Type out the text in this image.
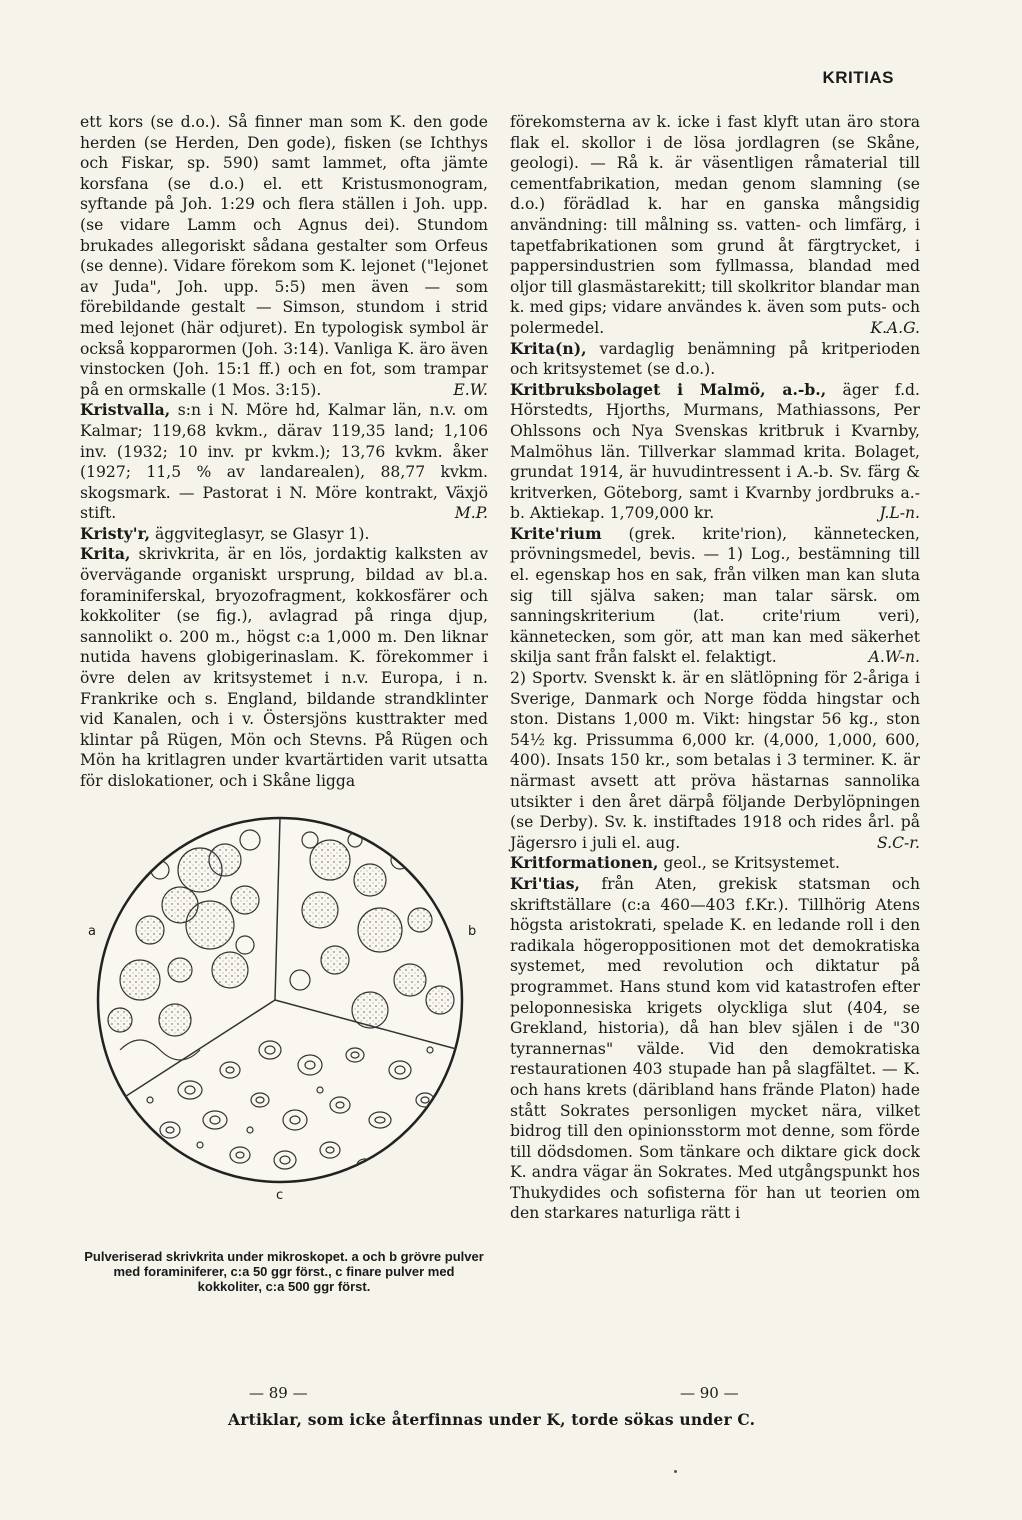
KRITIAS

ett kors (se d.o.). Så finner man som K. den gode herden (se Herden, Den gode), fisken (se Ichthys och Fiskar, sp. 590) samt lammet, ofta jämte korsfana (se d.o.) el. ett Kristusmonogram, syftande på Joh. 1:29 och flera ställen i Joh. upp. (se vidare Lamm och Agnus dei). Stundom brukades allegoriskt sådana gestalter som Orfeus (se denne). Vidare förekom som K. lejonet ("lejonet av Juda", Joh. upp. 5:5) men även — som förebildande gestalt — Simson, stundom i strid med lejonet (här odjuret). En typologisk symbol är också kopparormen (Joh. 3:14). Vanliga K. äro även vinstocken (Joh. 15:1 ff.) och en fot, som trampar på en ormskalle (1 Mos. 3:15).	E.W.

Kristvalla, s:n i N. Möre hd, Kalmar län, n.v. om Kalmar; 119,68 kvkm., därav 119,35 land; 1,106 inv. (1932; 10 inv. pr kvkm.); 13,76 kvkm. åker (1927; 11,5 % av landarealen), 88,77 kvkm. skogsmark. — Pastorat i N. Möre kontrakt, Växjö stift.	M.P.

Kristy'r, äggviteglasyr, se Glasyr 1).

Krita, skrivkrita, är en lös, jordaktig kalksten av övervägande organiskt ursprung, bildad av bl.a. foraminiferskal, bryozofragment, kokkosfärer och kokkoliter (se fig.), avlagrad på ringa djup, sannolikt o. 200 m., högst c:a 1,000 m. Den liknar nutida havens globigerinaslam. K. förekommer i övre delen av kritsystemet i n.v. Europa, i n. Frankrike och s. England, bildande strandklinter vid Kanalen, och i v. Östersjöns kusttrakter med klintar på Rügen, Mön och Stevns. På Rügen och Mön ha kritlagren under kvartärtiden varit utsatta för dislokationer, och i Skåne ligga

a	b
c
Pulveriserad skrivkrita under mikroskopet. a och b grövre pulver med foraminiferer, c:a 50 ggr först., c finare pulver med kokkoliter, c:a 500 ggr först.

förekomsterna av k. icke i fast klyft utan äro stora flak el. skollor i de lösa jordlagren (se Skåne, geologi). — Rå k. är väsentligen råmaterial till cementfabrikation, medan genom slamning (se d.o.) förädlad k. har en ganska mångsidig användning: till målning ss. vatten- och limfärg, i tapetfabrikationen som grund åt färgtrycket, i pappersindustrien som fyllmassa, blandad med oljor till glasmästarekitt; till skolkritor blandar man k. med gips; vidare användes k. även som puts- och polermedel.	K.A.G.

Krita(n), vardaglig benämning på kritperioden och kritsystemet (se d.o.).

Kritbruksbolaget i Malmö, a.-b., äger f.d. Hörstedts, Hjorths, Murmans, Mathiassons, Per Ohlssons och Nya Svenskas kritbruk i Kvarnby, Malmöhus län. Tillverkar slammad krita. Bolaget, grundat 1914, är huvudintressent i A.-b. Sv. färg & kritverken, Göteborg, samt i Kvarnby jordbruks a.-b. Aktiekap. 1,709,000 kr.	J.L-n.

Krite'rium (grek. krite'rion), kännetecken, prövningsmedel, bevis. — 1) Log., bestämning till el. egenskap hos en sak, från vilken man kan sluta sig till själva saken; man talar särsk. om sanningskriterium (lat. crite'rium veri), kännetecken, som gör, att man kan med säkerhet skilja sant från falskt el. felaktigt.	A.W-n.

2) Sportv. Svenskt k. är en slätlöpning för 2-åriga i Sverige, Danmark och Norge födda hingstar och ston. Distans 1,000 m. Vikt: hingstar 56 kg., ston 54½ kg. Prissumma 6,000 kr. (4,000, 1,000, 600, 400). Insats 150 kr., som betalas i 3 terminer. K. är närmast avsett att pröva hästarnas sannolika utsikter i den året därpå följande Derbylöpningen (se Derby). Sv. k. instiftades 1918 och rides årl. på Jägersro i juli el. aug.	S.C-r.

Kritformationen, geol., se Kritsystemet.

Kri'tias, från Aten, grekisk statsman och skriftställare (c:a 460—403 f.Kr.). Tillhörig Atens högsta aristokrati, spelade K. en ledande roll i den radikala högeroppositionen mot det demokratiska systemet, med revolution och diktatur på programmet. Hans stund kom vid katastrofen efter peloponnesiska krigets olyckliga slut (404, se Grekland, historia), då han blev själen i de "30 tyrannernas" välde. Vid den demokratiska restaurationen 403 stupade han på slagfältet. — K. och hans krets (däribland hans frände Platon) hade stått Sokrates personligen mycket nära, vilket bidrog till den opinionsstorm mot denne, som förde till dödsdomen. Som tänkare och diktare gick dock K. andra vägar än Sokrates. Med utgångspunkt hos Thukydides och sofisterna för han ut teorien om den starkares naturliga rätt i

— 89 —	— 90 —
Artiklar, som icke återfinnas under K, torde sökas under C.
